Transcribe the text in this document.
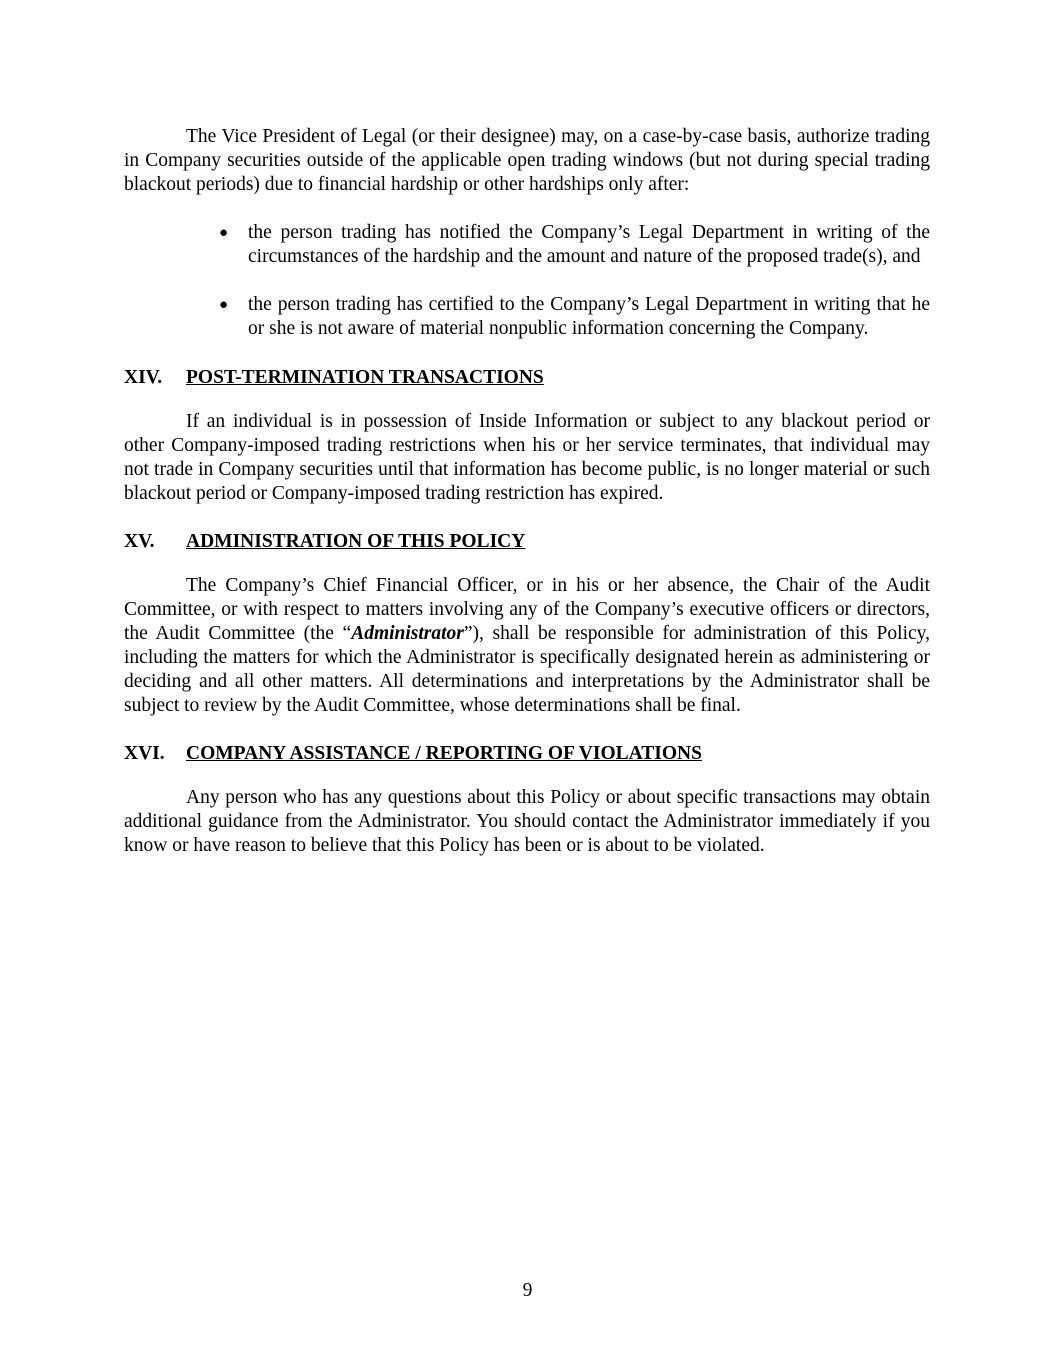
The Vice President of Legal (or their designee) may, on a case-by-case basis, authorize trading in Company securities outside of the applicable open trading windows (but not during special trading blackout periods) due to financial hardship or other hardships only after:

● the person trading has notified the Company’s Legal Department in writing of the circumstances of the hardship and the amount and nature of the proposed trade(s), and
● the person trading has certified to the Company’s Legal Department in writing that he or she is not aware of material nonpublic information concerning the Company.
XIV.	POST-TERMINATION TRANSACTIONS

If an individual is in possession of Inside Information or subject to any blackout period or other Company-imposed trading restrictions when his or her service terminates, that individual may not trade in Company securities until that information has become public, is no longer material or such blackout period or Company-imposed trading restriction has expired.

XV.	ADMINISTRATION OF THIS POLICY

The Company’s Chief Financial Officer, or in his or her absence, the Chair of the Audit Committee, or with respect to matters involving any of the Company’s executive officers or directors, the Audit Committee (the “Administrator”), shall be responsible for administration of this Policy, including the matters for which the Administrator is specifically designated herein as administering or deciding and all other matters. All determinations and interpretations by the Administrator shall be subject to review by the Audit Committee, whose determinations shall be final.

XVI.	COMPANY ASSISTANCE / REPORTING OF VIOLATIONS

Any person who has any questions about this Policy or about specific transactions may obtain additional guidance from the Administrator. You should contact the Administrator immediately if you know or have reason to believe that this Policy has been or is about to be violated.

9
